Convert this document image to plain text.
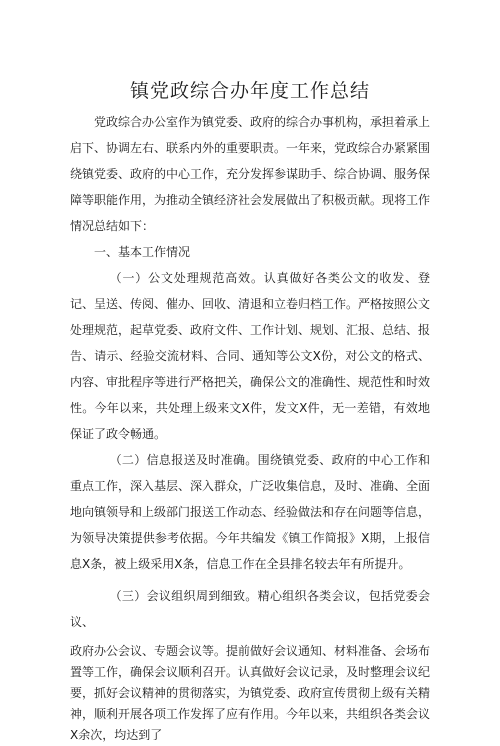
镇党政综合办年度工作总结

党政综合办公室作为镇党委、政府的综合办事机构，承担着承上启下、协调左右、联系内外的重要职责。一年来，党政综合办紧紧围绕镇党委、政府的中心工作，充分发挥参谋助手、综合协调、服务保障等职能作用，为推动全镇经济社会发展做出了积极贡献。现将工作情况总结如下：

一、基本工作情况

（一）公文处理规范高效。认真做好各类公文的收发、登记、呈送、传阅、催办、回收、清退和立卷归档工作。严格按照公文处理规范，起草党委、政府文件、工作计划、规划、汇报、总结、报告、请示、经验交流材料、合同、通知等公文X份，对公文的格式、内容、审批程序等进行严格把关，确保公文的准确性、规范性和时效性。今年以来，共处理上级来文X件，发文X件，无一差错，有效地保证了政令畅通。

（二）信息报送及时准确。围绕镇党委、政府的中心工作和重点工作，深入基层、深入群众，广泛收集信息，及时、准确、全面地向镇领导和上级部门报送工作动态、经验做法和存在问题等信息，为领导决策提供参考依据。今年共编发《镇工作简报》X期，上报信息X条，被上级采用X条，信息工作在全县排名较去年有所提升。

（三）会议组织周到细致。精心组织各类会议，包括党委会议、

政府办公会议、专题会议等。提前做好会议通知、材料准备、会场布置等工作，确保会议顺利召开。认真做好会议记录，及时整理会议纪要，抓好会议精神的贯彻落实，为镇党委、政府宣传贯彻上级有关精神，顺利开展各项工作发挥了应有作用。今年以来，共组织各类会议X余次，均达到了
